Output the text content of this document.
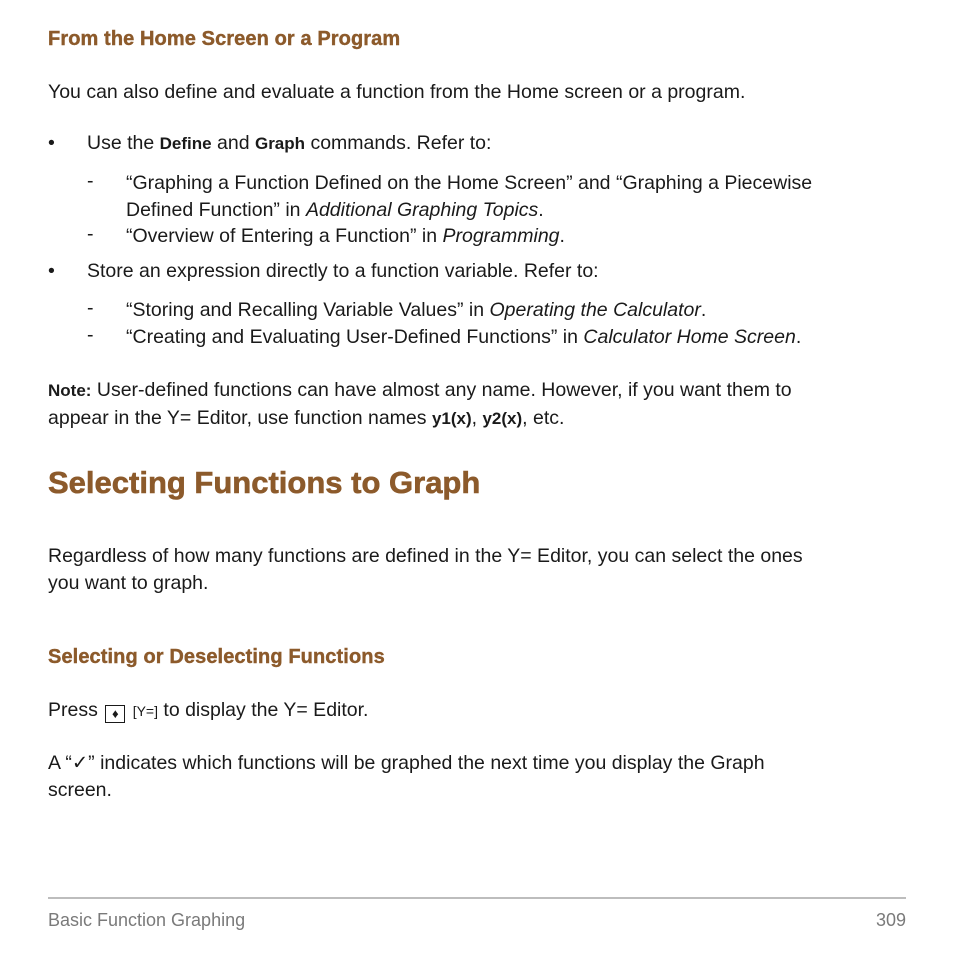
From the Home Screen or a Program
You can also define and evaluate a function from the Home screen or a program.
• Use the Define and Graph commands. Refer to:
- “Graphing a Function Defined on the Home Screen” and “Graphing a Piecewise
Defined Function” in Additional Graphing Topics.
- “Overview of Entering a Function” in Programming.
• Store an expression directly to a function variable. Refer to:
- “Storing and Recalling Variable Values” in Operating the Calculator.
- “Creating and Evaluating User-Defined Functions” in Calculator Home Screen.
Note: User-defined functions can have almost any name. However, if you want them to
appear in the Y= Editor, use function names y1(x), y2(x), etc.
Selecting Functions to Graph
Regardless of how many functions are defined in the Y= Editor, you can select the ones
you want to graph.
Selecting or Deselecting Functions
Press ♦ [Y=] to display the Y= Editor.
A “✓” indicates which functions will be graphed the next time you display the Graph
screen.
Basic Function Graphing	309
